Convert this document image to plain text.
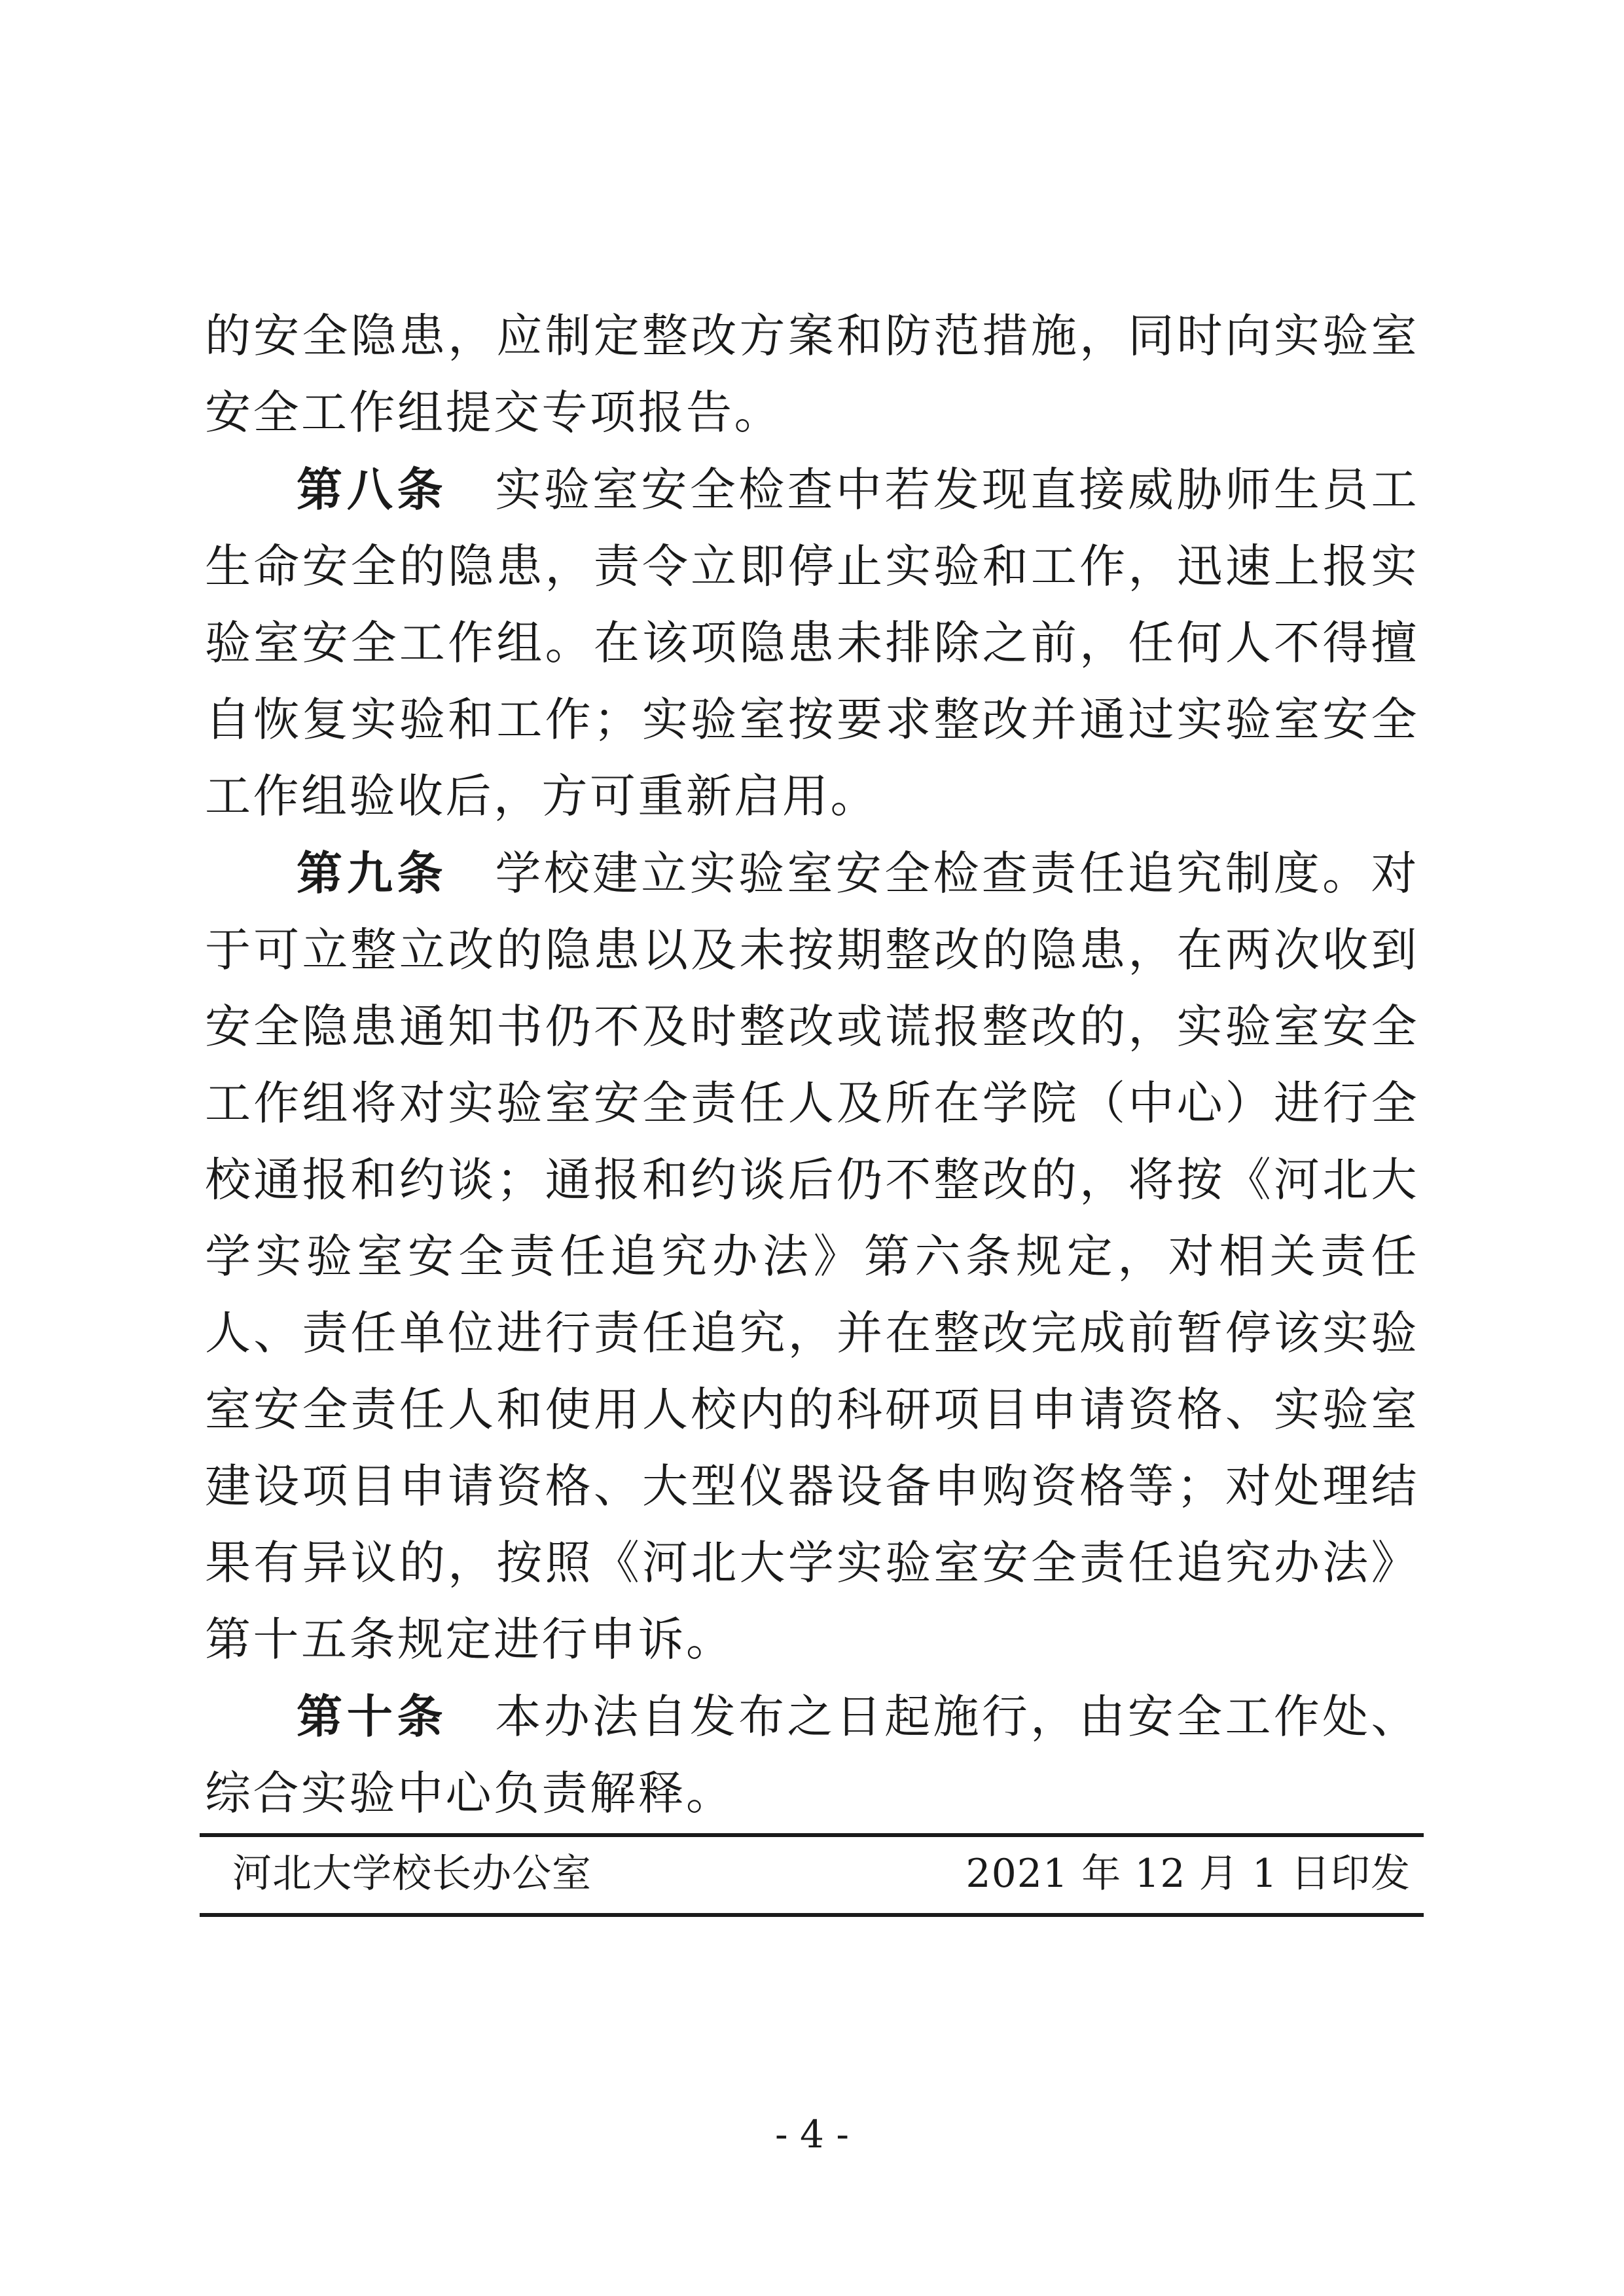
的安全隐患，应制定整改方案和防范措施，同时向实验室安全工作组提交专项报告。

第八条 实验室安全检查中若发现直接威胁师生员工生命安全的隐患，责令立即停止实验和工作，迅速上报实验室安全工作组。在该项隐患未排除之前，任何人不得擅自恢复实验和工作；实验室按要求整改并通过实验室安全工作组验收后，方可重新启用。

第九条 学校建立实验室安全检查责任追究制度。对于可立整立改的隐患以及未按期整改的隐患，在两次收到安全隐患通知书仍不及时整改或谎报整改的，实验室安全工作组将对实验室安全责任人及所在学院（中心）进行全校通报和约谈；通报和约谈后仍不整改的，将按《河北大学实验室安全责任追究办法》第六条规定，对相关责任人、责任单位进行责任追究，并在整改完成前暂停该实验室安全责任人和使用人校内的科研项目申请资格、实验室建设项目申请资格、大型仪器设备申购资格等；对处理结果有异议的，按照《河北大学实验室安全责任追究办法》第十五条规定进行申诉。

第十条 本办法自发布之日起施行，由安全工作处、综合实验中心负责解释。

河北大学校长办公室	2021 年 12 月 1 日印发
- 4 -
